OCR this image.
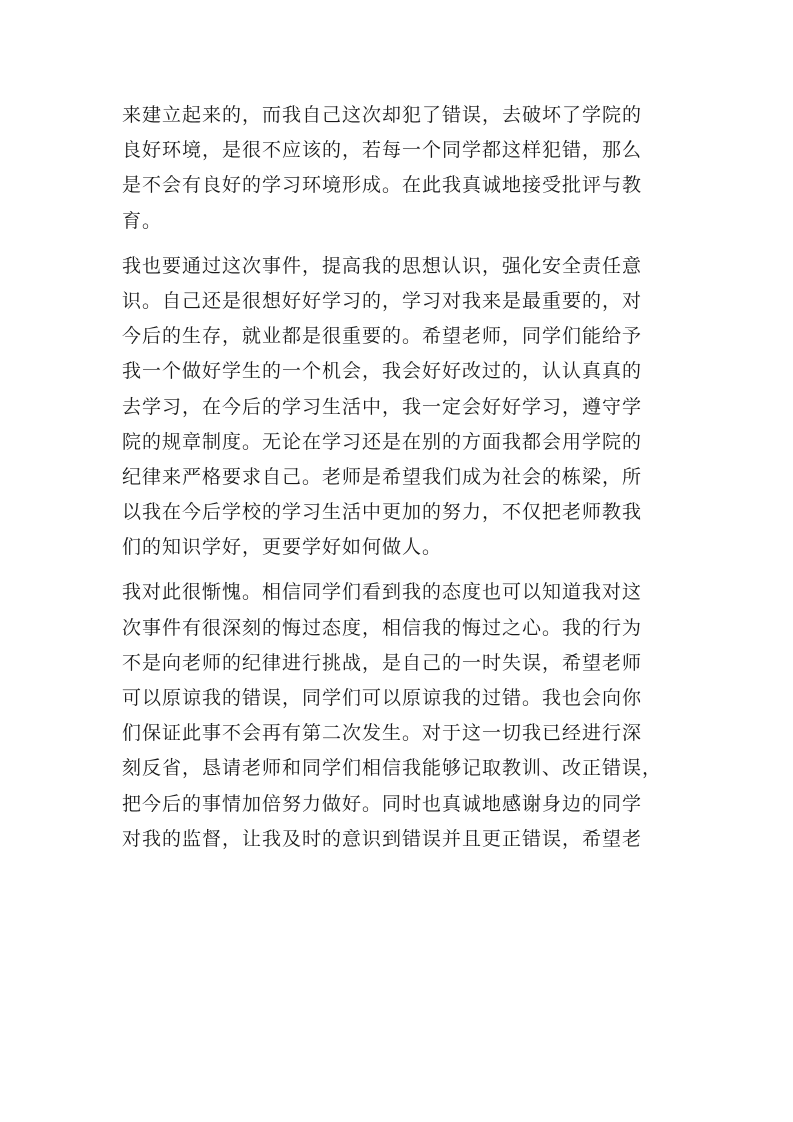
来建立起来的，而我自己这次却犯了错误，去破坏了学院的
良好环境，是很不应该的，若每一个同学都这样犯错，那么
是不会有良好的学习环境形成。在此我真诚地接受批评与教
育。

我也要通过这次事件，提高我的思想认识，强化安全责任意
识。自己还是很想好好学习的，学习对我来是最重要的，对
今后的生存，就业都是很重要的。希望老师，同学们能给予
我一个做好学生的一个机会，我会好好改过的，认认真真的
去学习，在今后的学习生活中，我一定会好好学习，遵守学
院的规章制度。无论在学习还是在别的方面我都会用学院的
纪律来严格要求自己。老师是希望我们成为社会的栋梁，所
以我在今后学校的学习生活中更加的努力，不仅把老师教我
们的知识学好，更要学好如何做人。

我对此很惭愧。相信同学们看到我的态度也可以知道我对这
次事件有很深刻的悔过态度，相信我的悔过之心。我的行为
不是向老师的纪律进行挑战，是自己的一时失误，希望老师
可以原谅我的错误，同学们可以原谅我的过错。我也会向你
们保证此事不会再有第二次发生。对于这一切我已经进行深
刻反省，恳请老师和同学们相信我能够记取教训、改正错误，
把今后的事情加倍努力做好。同时也真诚地感谢身边的同学
对我的监督，让我及时的意识到错误并且更正错误，希望老
